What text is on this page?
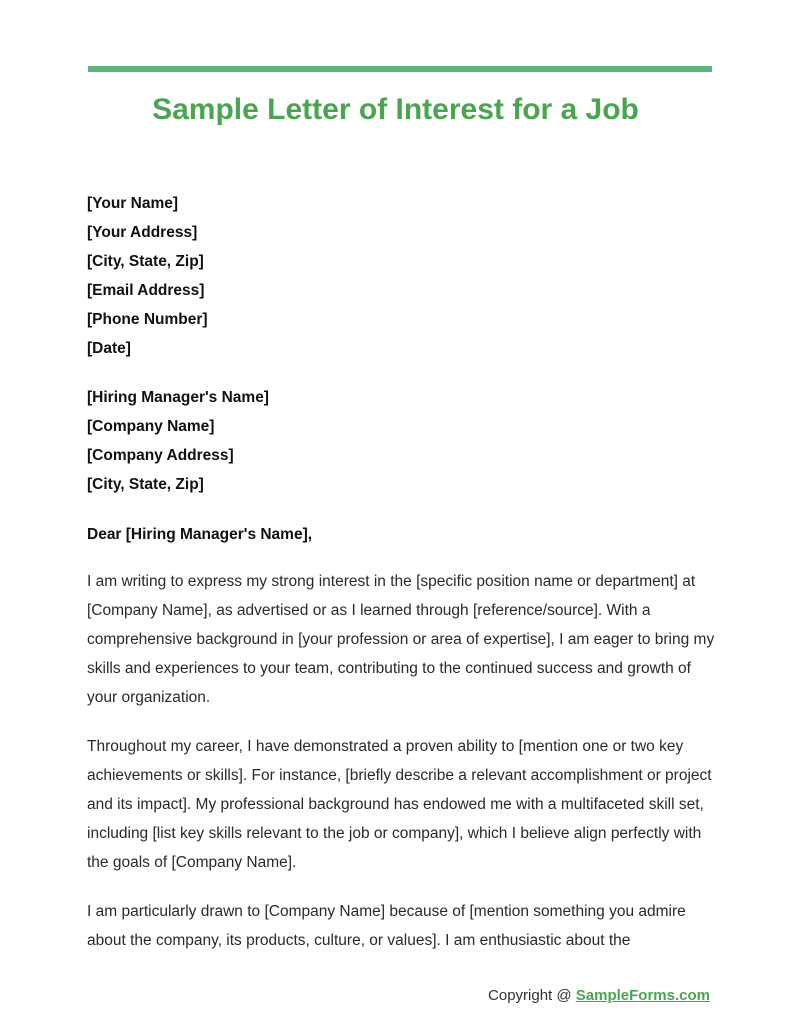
Sample Letter of Interest for a Job
[Your Name]
[Your Address]
[City, State, Zip]
[Email Address]
[Phone Number]
[Date]
[Hiring Manager's Name]
[Company Name]
[Company Address]
[City, State, Zip]

Dear [Hiring Manager's Name],

I am writing to express my strong interest in the [specific position name or department] at [Company Name], as advertised or as I learned through [reference/source]. With a comprehensive background in [your profession or area of expertise], I am eager to bring my skills and experiences to your team, contributing to the continued success and growth of your organization.

Throughout my career, I have demonstrated a proven ability to [mention one or two key achievements or skills]. For instance, [briefly describe a relevant accomplishment or project and its impact]. My professional background has endowed me with a multifaceted skill set, including [list key skills relevant to the job or company], which I believe align perfectly with the goals of [Company Name].

I am particularly drawn to [Company Name] because of [mention something you admire about the company, its products, culture, or values]. I am enthusiastic about the

Copyright @ SampleForms.com
